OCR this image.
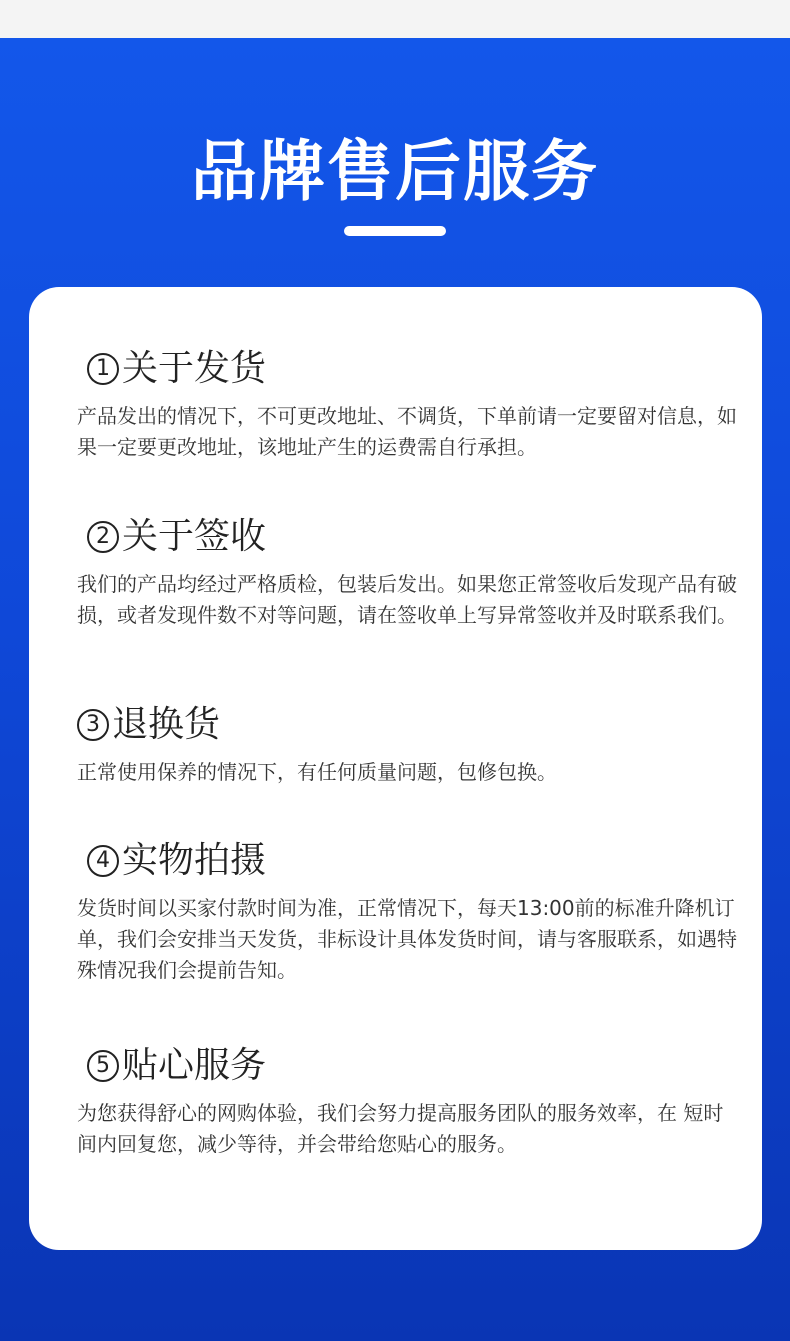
品牌售后服务
1 关于发货
产品发出的情况下，不可更改地址、不调货，下单前请一定要留对信息，如果一定要更改地址，该地址产生的运费需自行承担。
2 关于签收
我们的产品均经过严格质检，包装后发出。如果您正常签收后发现产品有破损，或者发现件数不对等问题，请在签收单上写异常签收并及时联系我们。
3 退换货
正常使用保养的情况下，有任何质量问题，包修包换。
4 实物拍摄
发货时间以买家付款时间为准，正常情况下，每天13:00前的标准升降机订单，我们会安排当天发货，非标设计具体发货时间，请与客服联系，如遇特殊情况我们会提前告知。
5 贴心服务
为您获得舒心的网购体验，我们会努力提高服务团队的服务效率，在 短时间内回复您，减少等待，并会带给您贴心的服务。
